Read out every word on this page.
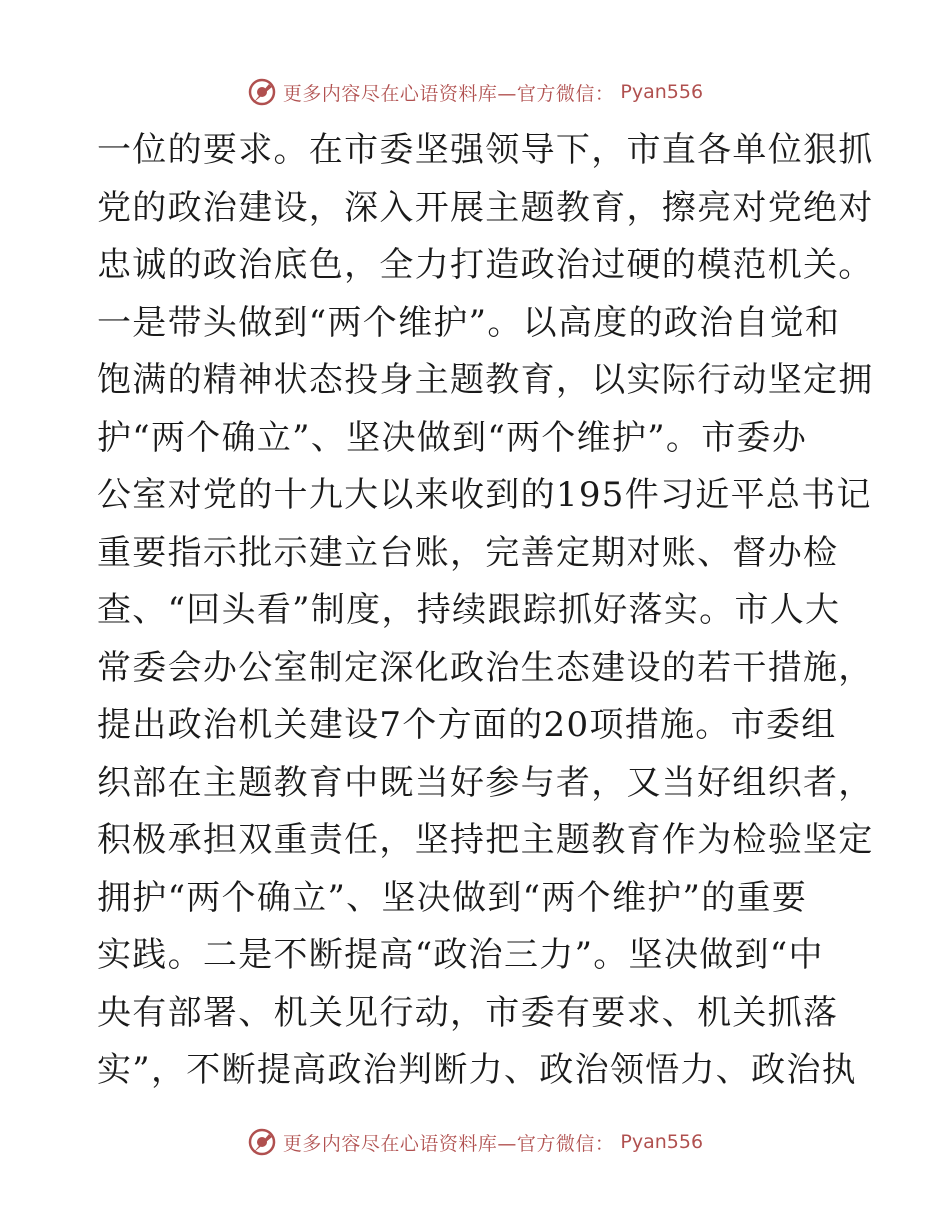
更多内容尽在心语资料库—官方微信： Pyan556
一位的要求。在市委坚强领导下，市直各单位狠抓
党的政治建设，深入开展主题教育，擦亮对党绝对
忠诚的政治底色，全力打造政治过硬的模范机关。
一是带头做到“两个维护”。以高度的政治自觉和
饱满的精神状态投身主题教育，以实际行动坚定拥
护“两个确立”、坚决做到“两个维护”。市委办
公室对党的十九大以来收到的195件习近平总书记
重要指示批示建立台账，完善定期对账、督办检
查、“回头看”制度，持续跟踪抓好落实。市人大
常委会办公室制定深化政治生态建设的若干措施，
提出政治机关建设7个方面的20项措施。市委组
织部在主题教育中既当好参与者，又当好组织者，
积极承担双重责任，坚持把主题教育作为检验坚定
拥护“两个确立”、坚决做到“两个维护”的重要
实践。二是不断提高“政治三力”。坚决做到“中
央有部署、机关见行动，市委有要求、机关抓落
实”，不断提高政治判断力、政治领悟力、政治执
更多内容尽在心语资料库—官方微信： Pyan556
